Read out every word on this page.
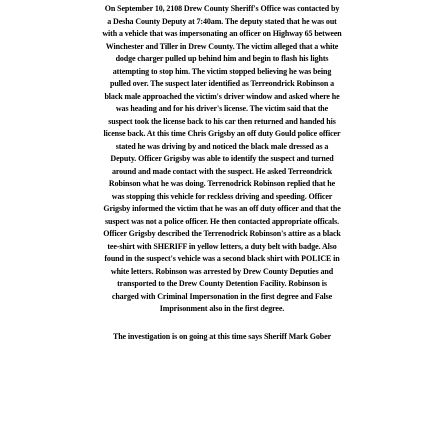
On September 10, 2108 Drew County Sheriff's Office was contacted by
a Desha County Deputy at 7:40am. The deputy stated that he was out
with a vehicle that was impersonating an officer on Highway 65 between
Winchester and Tiller in Drew County. The victim alleged that a white
dodge charger pulled up behind him and begin to flash his lights
attempting to stop him. The victim stopped believing he was being
pulled over. The suspect later identified as Terreondrick Robinson a
black male approached the victim's driver window and asked where he
was heading and for his driver's license. The victim said that the
suspect took the license back to his car then returned and handed his
license back. At this time Chris Grigsby an off duty Gould police officer
stated he was driving by and noticed the black male dressed as a
Deputy. Officer Grigsby was able to identify the suspect and turned
around and made contact with the suspect. He asked Terreondrick
Robinson what he was doing. Terrenodrick Robinson replied that he
was stopping this vehicle for reckless driving and speeding. Officer
Grigsby informed the victim that he was an off duty officer and that the
suspect was not a police officer. He then contacted appropriate officals.
Officer Grigsby described the Terrenodrick Robinson's attire as a black
tee-shirt with SHERIFF in yellow letters, a duty belt with badge. Also
found in the suspect's vehicle was a second black shirt with POLICE in
white letters. Robinson was arrested by Drew County Deputies and
transported to the Drew County Detention Facility. Robinson is
charged with Criminal Impersonation in the first degree and False
Imprisonment also in the first degree.
The investigation is on going at this time says Sheriff Mark Gober
